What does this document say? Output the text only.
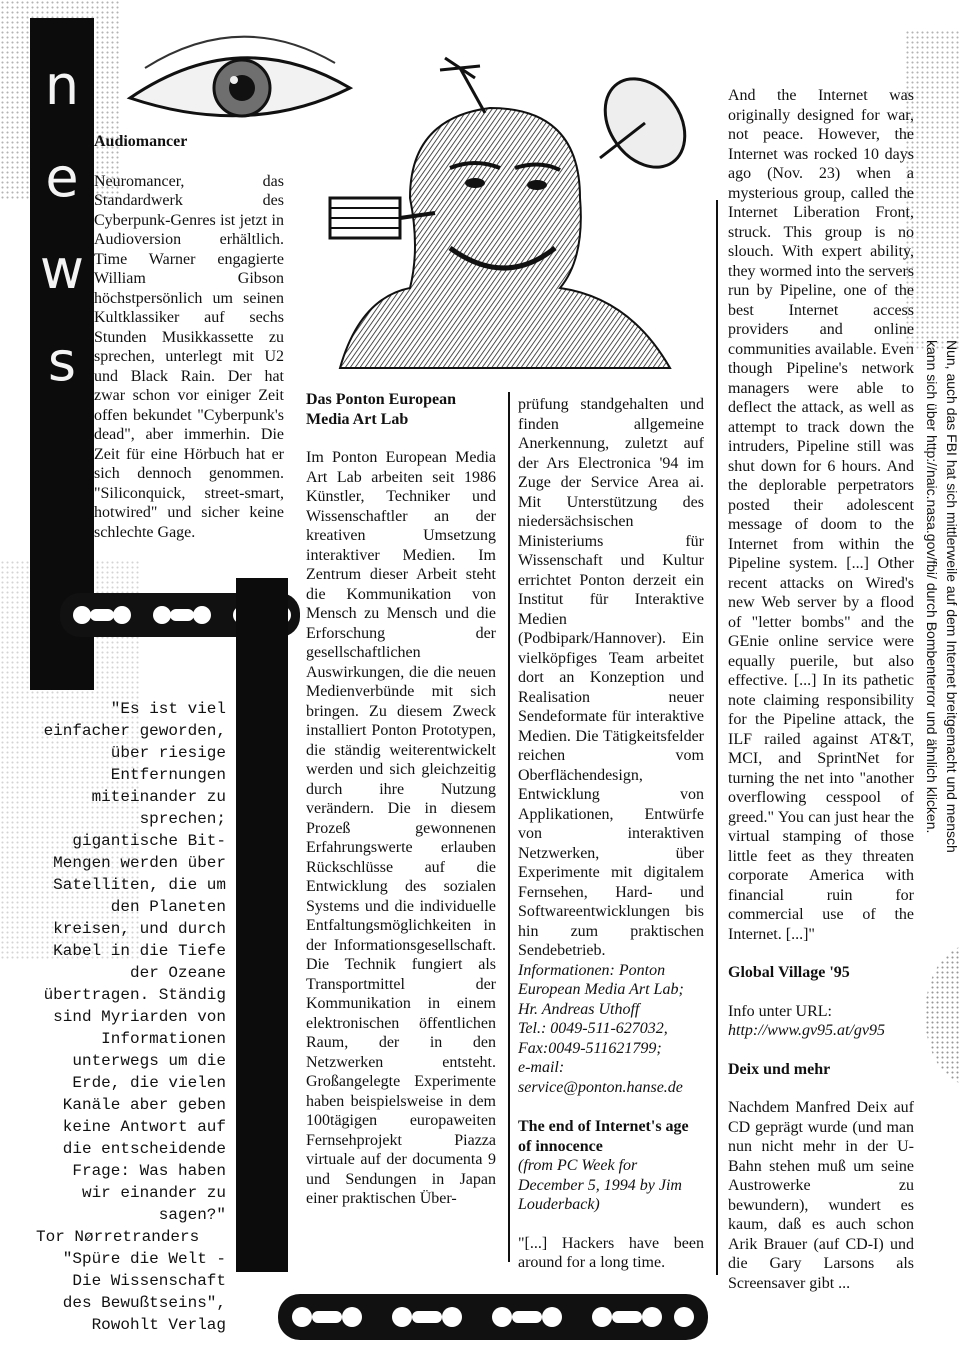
n
e
w
s

Audiomancer

Neuromancer, das Standardwerk des Cyberpunk-Genres ist jetzt in Audioversion erhältlich. Time Warner engagierte William Gibson höchstpersönlich um seinen Kultklassiker auf sechs Stunden Musikkassette zu sprechen, unterlegt mit U2 und Black Rain. Der hat zwar schon vor einiger Zeit offen bekundet "Cyberpunk's dead", aber immerhin. Die Zeit für eine Hörbuch hat er sich dennoch genommen. "Siliconquick, street-smart, hotwired" und sicher keine schlechte Gage.

"Es ist viel einfacher geworden, über riesige Entfernungen miteinander zu sprechen; gigantische Bit-Mengen werden über Satelliten, die um den Planeten kreisen, und durch Kabel in die Tiefe der Ozeane übertragen. Ständig sind Myriarden von Informationen unterwegs um die Erde, die vielen Kanäle aber geben keine Antwort auf die entscheidende Frage: Was haben wir einander zu sagen?"
Tor Nørretranders
"Spüre die Welt - Die Wissenschaft des Bewußtseins",
Rowohlt Verlag

Das Ponton European Media Art Lab

Im Ponton European Media Art Lab arbeiten seit 1986 Künstler, Techniker und Wissenschaftler an der kreativen Umsetzung interaktiver Medien. Im Zentrum dieser Arbeit steht die Kommunikation von Mensch zu Mensch und die Erforschung der gesellschaftlichen Auswirkungen, die die neuen Medienverbünde mit sich bringen. Zu diesem Zweck installiert Ponton Prototypen, die ständig weiterentwickelt werden und sich gleichzeitig durch ihre Nutzung verändern. Die in diesem Prozeß gewonnenen Erfahrungswerte erlauben Rückschlüsse auf die Entwicklung des sozialen Systems und die individuelle Entfaltungsmöglichkeiten in der Informationsgesellschaft. Die Technik fungiert als Transportmittel der Kommunikation in einem elektronischen öffentlichen Raum, der in den Netzwerken entsteht. Großangelegte Experimente haben beispielsweise in dem 100tägigen europaweiten Fernsehprojekt Piazza virtuale auf der documenta 9 und Sendungen in Japan einer praktischen Über-

prüfung standgehalten und finden allgemeine Anerkennung, zuletzt auf der Ars Electronica '94 im Zuge der Service Area ai. Mit Unterstützung des niedersächsischen Ministeriums für Wissenschaft und Kultur errichtet Ponton derzeit ein Institut für Interaktive Medien (Podbipark/Hannover). Ein vielköpfiges Team arbeitet dort an Konzeption und Realisation neuer Sendeformate für interaktive Medien. Die Tätigkeitsfelder reichen vom Oberflächendesign, Entwicklung von Applikationen, Entwürfe von interaktiven Netzwerken, über Experimente mit digitalem Fernsehen, Hard- und Softwareentwicklungen bis hin zum praktischen Sendebetrieb.

Informationen: Ponton European Media Art Lab; Hr. Andreas Uthoff
Tel.: 0049-511-627032,
Fax:0049-511621799;
e-mail:
service@ponton.hanse.de

The end of Internet's age of innocence

(from PC Week for December 5, 1994 by Jim Louderback)

"[...] Hackers have been around for a long time.

And the Internet was originally designed for war, not peace. However, the Internet was rocked 10 days ago (Nov. 23) when a mysterious group, called the Internet Liberation Front, struck. This group is no slouch. With expert ability, they wormed into the servers run by Pipeline, one of the best Internet access providers and online communities available. Even though Pipeline's network managers were able to deflect the attack, as well as attempt to track down the intruders, Pipeline still was shut down for 6 hours. And the deplorable perpetrators posted their adolescent message of doom to the Internet from within the Pipeline system. [...] Other recent attacks on Wired's new Web server by a flood of "letter bombs" and the GEnie online service were equally puerile, but also effective. [...] In its pathetic note claiming responsibility for the Pipeline attack, the ILF railed against AT&T, MCI, and SprintNet for turning the net into "another overflowing cesspool of greed." You can just hear the virtual stamping of those little feet as they threaten corporate America with financial ruin for commercial use of the Internet. [...]"

Global Village '95

Info unter URL:

http://www.gv95.at/gv95

Deix und mehr

Nachdem Manfred Deix auf CD geprägt wurde (und man nun nicht mehr in der U-Bahn stehen muß um seine Austrowerke zu bewundern), wundert es kaum, daß es auch schon Arik Brauer (auf CD-I) und die Gary Larsons als Screensaver gibt ...

Nun, auch das FBI hat sich mittlerweile auf dem Internet breitgemacht und mensch
kann sich über http://naic.nasa.gov/fbi/ durch Bombenterror und ähnlich klicken.
